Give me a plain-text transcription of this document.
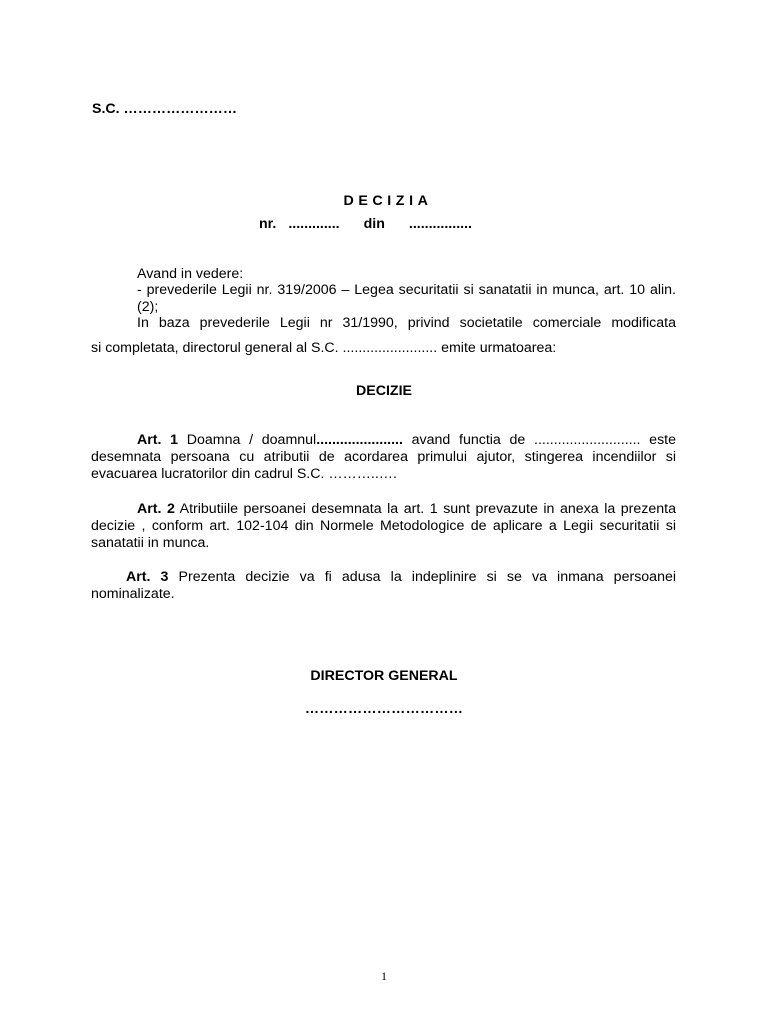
S.C. ……………………

DECIZIA

nr. ............. din ................

Avand in vedere:

- prevederile Legii nr. 319/2006 – Legea securitatii si sanatatii in munca, art. 10 alin. (2);

In baza prevederile Legii nr 31/1990, privind societatile comerciale modificata

si completata, directorul general al S.C. ........................ emite urmatoarea:

DECIZIE

Art. 1 Doamna / doamnul...................... avand functia de ........................... este desemnata persoana cu atributii de acordarea primului ajutor, stingerea incendiilor si evacuarea lucratorilor din cadrul S.C. ………..….

Art. 2 Atributiile persoanei desemnata la art. 1 sunt prevazute in anexa la prezenta decizie , conform art. 102-104 din Normele Metodologice de aplicare a Legii securitatii si sanatatii in munca.

Art. 3 Prezenta decizie va fi adusa la indeplinire si se va inmana persoanei nominalizate.

DIRECTOR GENERAL

……………………………

1
